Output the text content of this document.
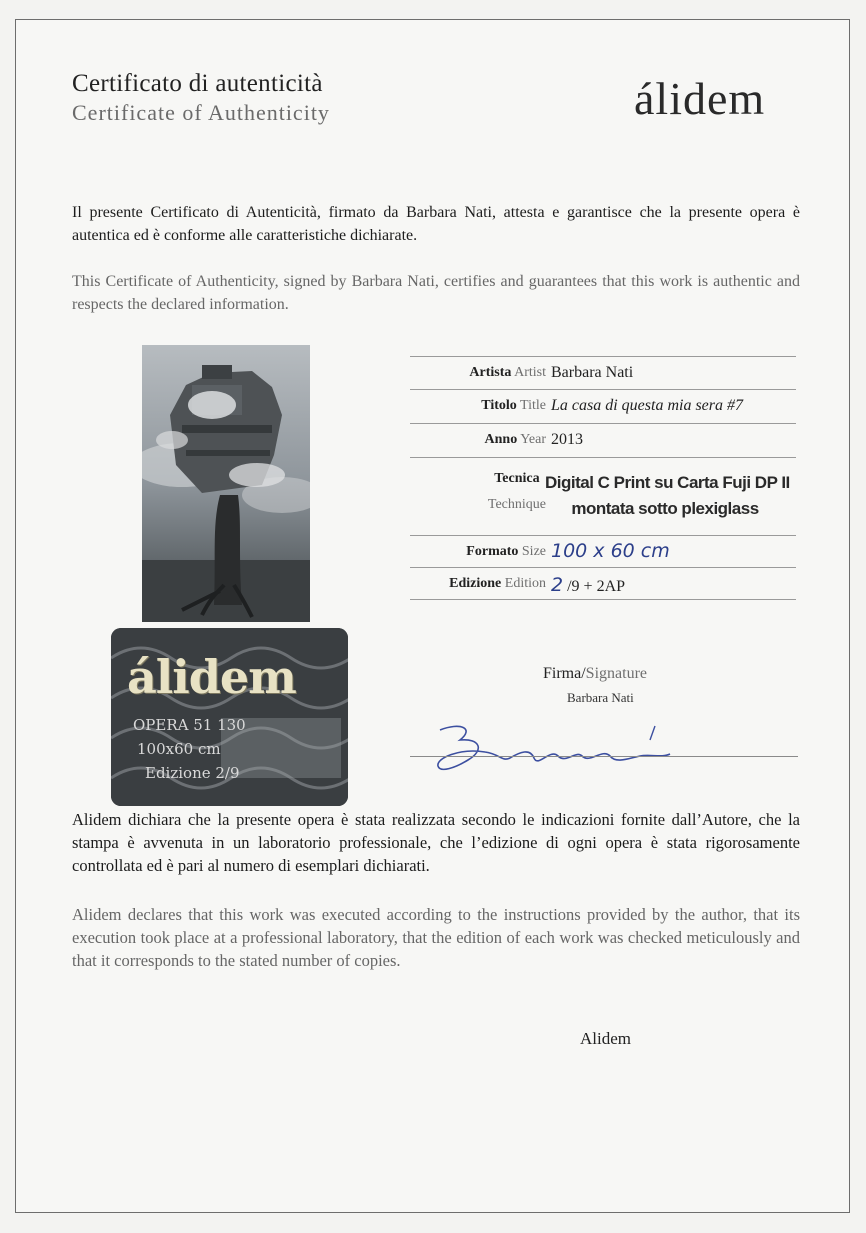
Certificato di autenticità
Certificate of Authenticity	álidem
Il presente Certificato di Autenticità, firmato da Barbara Nati, attesta e garantisce che la presente opera è autentica ed è conforme alle caratteristiche dichiarate.
This Certificate of Authenticity, signed by Barbara Nati, certifies and guarantees that this work is authentic and respects the declared information.
álidem
OPERA 51 130
100x60 cm
Edizione 2/9
Artista Artist Barbara Nati
Titolo Title La casa di questa mia sera #7
Anno Year 2013
Tecnica
Technique
Digital C Print su Carta Fuji DP II
montata sotto plexiglass
Formato Size 100 x 60 cm
Edizione Edition 2 /9 + 2AP
Firma/Signature
Barbara Nati
Alidem dichiara che la presente opera è stata realizzata secondo le indicazioni fornite dall’Autore, che la stampa è avvenuta in un laboratorio professionale, che l’edizione di ogni opera è stata rigorosamente controllata ed è pari al numero di esemplari dichiarati.
Alidem declares that this work was executed according to the instructions provided by the author, that its execution took place at a professional laboratory, that the edition of each work was checked meticulously and that it corresponds to the stated number of copies.
Alidem
